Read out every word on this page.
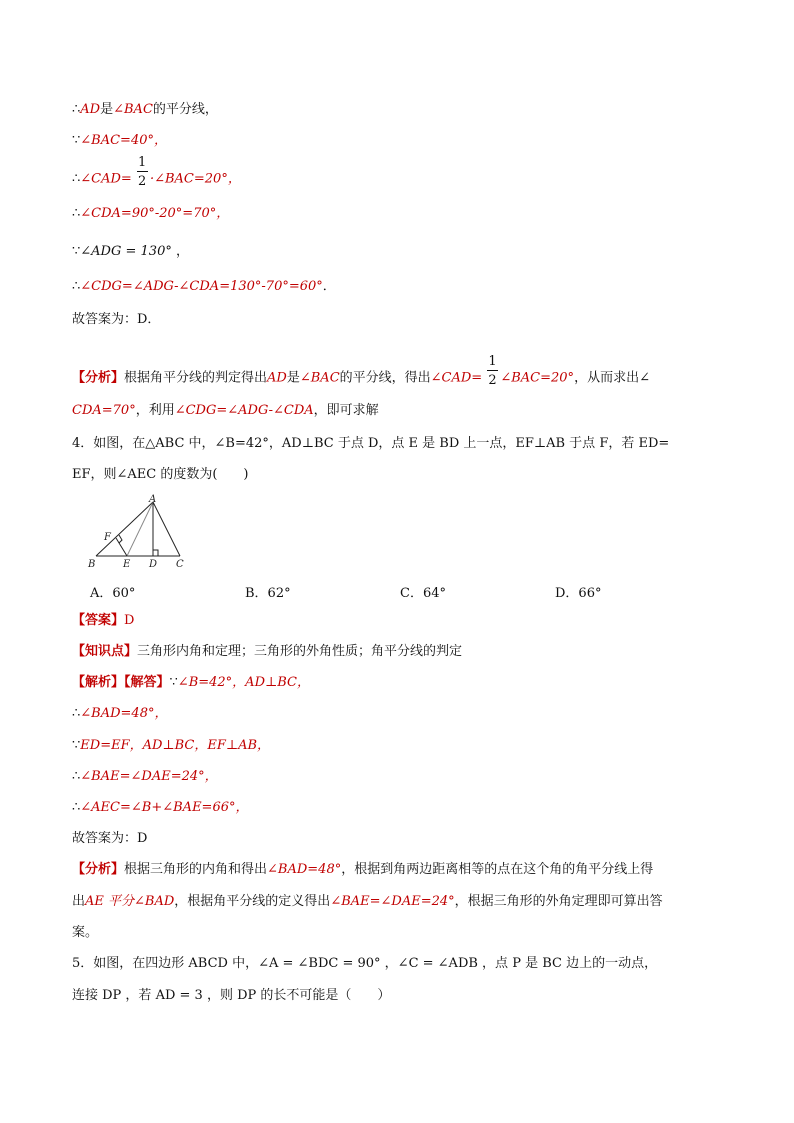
∴AD是∠BAC的平分线，
∵∠BAC=40°，
∴∠CAD= $\frac{1}{2}$ ·∠BAC=20°，
∴∠CDA=90°-20°=70°，
∵∠ADG = 130° ，
∴∠CDG=∠ADG-∠CDA=130°-70°=60°．
故答案为：D．
【分析】根据角平分线的判定得出AD是∠BAC的平分线，得出∠CAD= $\frac{1}{2}$ ∠BAC=20°，从而求出∠
CDA=70°，利用∠CDG=∠ADG-∠CDA，即可求解
4．如图，在△ABC 中，∠B=42°，AD⊥BC 于点 D，点 E 是 BD 上一点，EF⊥AB 于点 F，若 ED=
EF，则∠AEC 的度数为(　　)
A
F
B	E D C
A．60°	B．62°	C．64°	D．66°
【答案】D
【知识点】三角形内角和定理；三角形的外角性质；角平分线的判定
【解析】【解答】∵∠B=42°，AD⊥BC，
∴∠BAD=48°，
∵ED=EF，AD⊥BC，EF⊥AB，
∴∠BAE=∠DAE=24°，
∴∠AEC=∠B+∠BAE=66°，
故答案为：D
【分析】根据三角形的内角和得出∠BAD=48°，根据到角两边距离相等的点在这个角的角平分线上得
出AE 平分∠BAD，根据角平分线的定义得出∠BAE=∠DAE=24°，根据三角形的外角定理即可算出答
案。
5．如图，在四边形 ABCD 中，∠A = ∠BDC = 90° ，∠C = ∠ADB ，点 P 是 BC 边上的一动点，
连接 DP ，若 AD = 3 ，则 DP 的长不可能是（　　）
